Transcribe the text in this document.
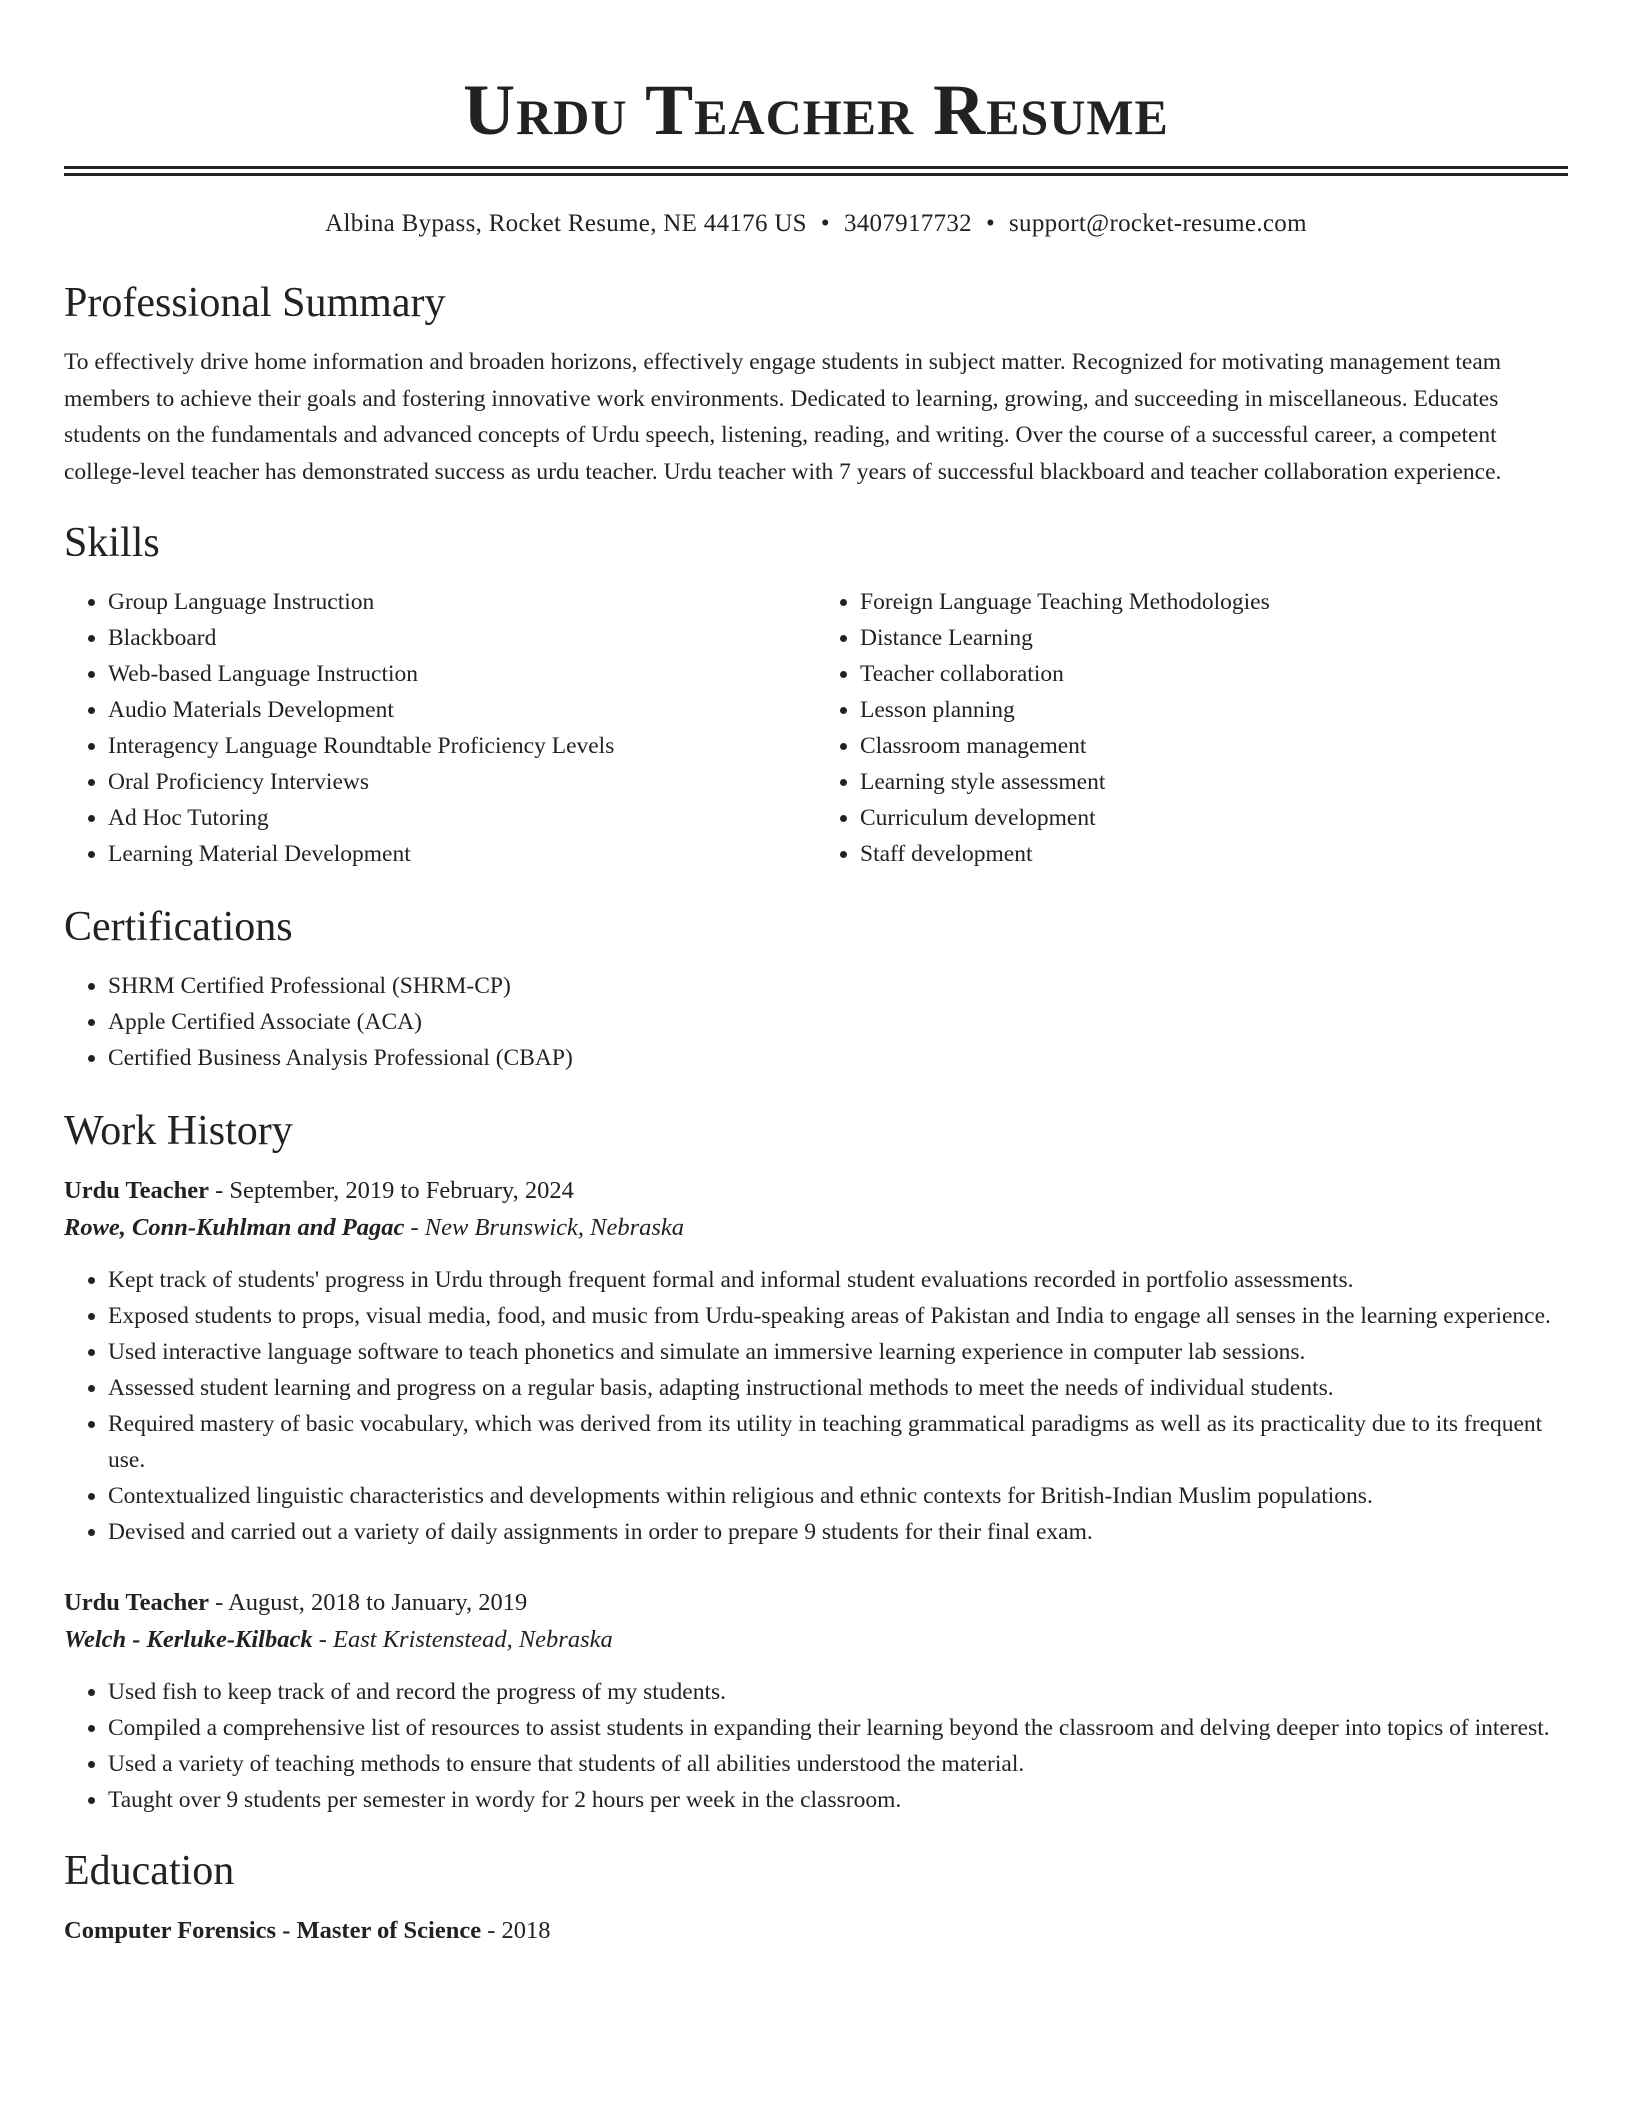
Urdu Teacher Resume
Albina Bypass, Rocket Resume, NE 44176 US • 3407917732 • support@rocket-resume.com
Professional Summary

To effectively drive home information and broaden horizons, effectively engage students in subject matter. Recognized for motivating management team members to achieve their goals and fostering innovative work environments. Dedicated to learning, growing, and succeeding in miscellaneous. Educates students on the fundamentals and advanced concepts of Urdu speech, listening, reading, and writing. Over the course of a successful career, a competent college-level teacher has demonstrated success as urdu teacher. Urdu teacher with 7 years of successful blackboard and teacher collaboration experience.

Skills
• Group Language Instruction
• Blackboard
• Web-based Language Instruction
• Audio Materials Development
• Interagency Language Roundtable Proficiency Levels
• Oral Proficiency Interviews
• Ad Hoc Tutoring
• Learning Material Development
• Foreign Language Teaching Methodologies
• Distance Learning
• Teacher collaboration
• Lesson planning
• Classroom management
• Learning style assessment
• Curriculum development
• Staff development
Certifications
• SHRM Certified Professional (SHRM-CP)
• Apple Certified Associate (ACA)
• Certified Business Analysis Professional (CBAP)
Work History
Urdu Teacher - September, 2019 to February, 2024
Rowe, Conn-Kuhlman and Pagac - New Brunswick, Nebraska
• Kept track of students' progress in Urdu through frequent formal and informal student evaluations recorded in portfolio assessments.
• Exposed students to props, visual media, food, and music from Urdu-speaking areas of Pakistan and India to engage all senses in the learning experience.
• Used interactive language software to teach phonetics and simulate an immersive learning experience in computer lab sessions.
• Assessed student learning and progress on a regular basis, adapting instructional methods to meet the needs of individual students.
• Required mastery of basic vocabulary, which was derived from its utility in teaching grammatical paradigms as well as its practicality due to its frequent use.
• Contextualized linguistic characteristics and developments within religious and ethnic contexts for British-Indian Muslim populations.
• Devised and carried out a variety of daily assignments in order to prepare 9 students for their final exam.
Urdu Teacher - August, 2018 to January, 2019
Welch - Kerluke-Kilback - East Kristenstead, Nebraska
• Used fish to keep track of and record the progress of my students.
• Compiled a comprehensive list of resources to assist students in expanding their learning beyond the classroom and delving deeper into topics of interest.
• Used a variety of teaching methods to ensure that students of all abilities understood the material.
• Taught over 9 students per semester in wordy for 2 hours per week in the classroom.
Education
Computer Forensics - Master of Science - 2018
